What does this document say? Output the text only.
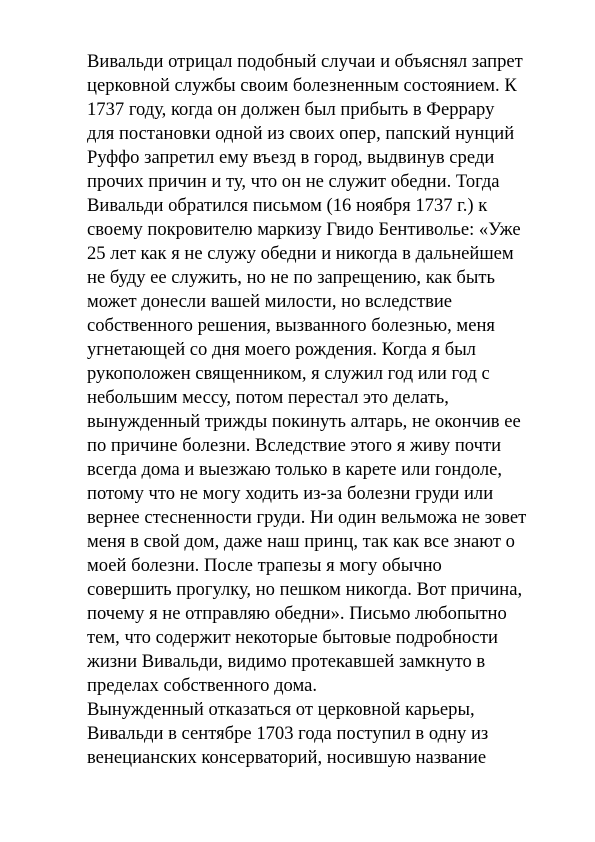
Вивальди отрицал подобный случаи и объяснял запрет
церковной службы своим болезненным состоянием. К
1737 году, когда он должен был прибыть в Феррару
для постановки одной из своих опер, папский нунций
Руффо запретил ему въезд в город, выдвинув среди
прочих причин и ту, что он не служит обедни. Тогда
Вивальди обратился письмом (16 ноября 1737 г.) к
своему покровителю маркизу Гвидо Бентиволье: «Уже
25 лет как я не служу обедни и никогда в дальнейшем
не буду ее служить, но не по запрещению, как быть
может донесли вашей милости, но вследствие
собственного решения, вызванного болезнью, меня
угнетающей со дня моего рождения. Когда я был
рукоположен священником, я служил год или год с
небольшим мессу, потом перестал это делать,
вынужденный трижды покинуть алтарь, не окончив ее
по причине болезни. Вследствие этого я живу почти
всегда дома и выезжаю только в карете или гондоле,
потому что не могу ходить из-за болезни груди или
вернее стесненности груди. Ни один вельможа не зовет
меня в свой дом, даже наш принц, так как все знают о
моей болезни. После трапезы я могу обычно
совершить прогулку, но пешком никогда. Вот причина,
почему я не отправляю обедни». Письмо любопытно
тем, что содержит некоторые бытовые подробности
жизни Вивальди, видимо протекавшей замкнуто в
пределах собственного дома.
Вынужденный отказаться от церковной карьеры,
Вивальди в сентябре 1703 года поступил в одну из
венецианских консерваторий, носившую название
